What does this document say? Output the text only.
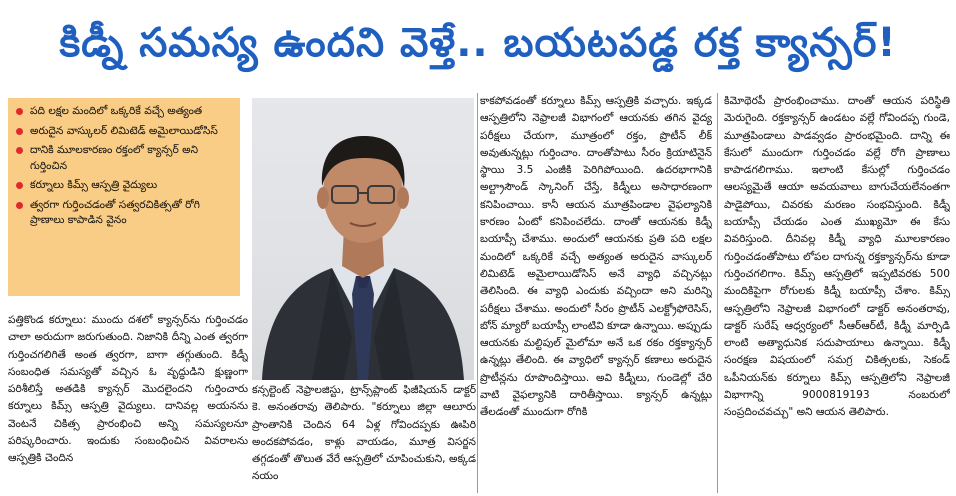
కిడ్నీ సమస్య ఉందని వెళ్తే.. బయటపడ్డ రక్త క్యాన్సర్!
పది లక్షల మందిలో ఒక్కరికే వచ్చే అత్యంత
అరుదైన వాస్కులర్ లిమిటెడ్ అమైలాయిడోసిస్
దానికి మూలకారణం రక్తంలో క్యాన్సర్ అని గుర్తించిన
కర్నూలు కిమ్స్ ఆస్పత్రి వైద్యులు
త్వరగా గుర్తించడంతో సత్వరచికిత్సతో రోగి ప్రాణాలు కాపాడిన వైనం

పత్తికొండ కర్నూలు: ముందు దశలో క్యాన్సర్‌ను గుర్తించడం చాలా అరుదుగా జరుగుతుంది. నిజానికి దీన్ని ఎంత త్వరగా గుర్తించగలిగితే అంత త్వరగా, బాగా తగ్గుతుంది. కిడ్నీ సంబంధిత సమస్యతో వచ్చిన ఓ వృద్ధుడిని క్షుణ్ణంగా పరిశీలిస్తే అతడికి క్యాన్సర్ మొదలైందని గుర్తించారు కర్నూలు కిమ్స్ ఆస్పత్రి వైద్యులు. దానివల్ల అయనను వెంటనే చికిత్స ప్రారంభించి అన్ని సమస్యలనూ పరిష్కరించారు. ఇందుకు సంబంధించిన వివరాలను ఆస్పత్రికి చెందిన

కన్సల్టెంట్ నెఫ్రాలజిస్టు, ట్రాన్స్‌ప్లాంట్ ఫిజీషియన్ డాక్టర్ కె. అనంతరావు తెలిపారు. "కర్నూలు జిల్లా ఆలూరు ప్రాంతానికి చెందిన 64 ఏళ్ల గోవిందప్పకు ఊపిరి అందకపోవడం, కాళ్లు వాయడం, మూత్ర విసర్జన తగ్గడంతో తొలుత వేరే ఆస్పత్రిలో చూపించుకుని, అక్కడ నయం

కాకపోవడంతో కర్నూలు కిమ్స్ ఆస్పత్రికి వచ్చారు. ఇక్కడ ఆస్పత్రిలోని నెఫ్రాలజీ విభాగంలో ఆయనకు తగిన వైద్య పరీక్షలు చేయగా, మూత్రంలో రక్తం, ప్రొటీన్ లీక్ అవుతున్నట్లు గుర్తించాం. దాంతోపాటు సీరం క్రియాటినైన్ స్థాయి 3.5 ఎంజీకి పెరిగిపోయింది. ఉదరభాగానికి అల్ట్రాసౌండ్ స్కానింగ్ చేస్తే, కిడ్నీలు అసాధారణంగా కనిపించాయి. కానీ ఆయన మూత్రపిండాల వైఫల్యానికి కారణం ఏంటో కనిపించలేదు. దాంతో ఆయనకు కిడ్నీ బయాప్సీ చేశాము. అందులో ఆయనకు ప్రతి పది లక్షల మందిలో ఒక్కరికే వచ్చే అత్యంత అరుదైన వాస్కులర్ లిమిటెడ్ అమైలాయిడోసిస్ అనే వ్యాధి వచ్చినట్లు తెలిసింది. ఈ వ్యాధి ఎందుకు వచ్చిందా అని మరిన్ని పరీక్షలు చేశాము. అందులో సీరం ప్రొటీన్ ఎలక్ట్రోఫోరెసిస్, బోన్ మ్యారో బయాప్సీ లాంటివి కూడా ఉన్నాయి. అప్పుడు ఆయనకు మల్టిపుల్ మైలోమా అనే ఒక రకం రక్తక్యాన్సర్ ఉన్నట్లు తేలింది. ఈ వ్యాధిలో క్యాన్సర్ కణాలు అరుదైన ప్రొటీన్లను రూపొందిస్తాయి. అవి కిడ్నీలు, గుండెల్లో చేరి వాటి వైఫల్యానికి దారితీస్తాయి. క్యాన్సర్ ఉన్నట్లు తేలడంతో ముందుగా రోగికి

కిమోథెరపీ ప్రారంభించాము. దాంతో ఆయన పరిస్థితి మెరుగైంది. రక్తక్యాన్సర్ ఉండటం వల్లే గోవిందప్ప గుండె, మూత్రపిండాలు పాడవ్వడం ప్రారంభమైంది. దాన్ని ఈ కేసులో ముందుగా గుర్తించడం వల్లే రోగి ప్రాణాలు కాపాడగలిగాము. ఇలాంటి కేసుల్లో గుర్తించడం ఆలస్యమైతే ఆయా అవయవాలు బాగుచేయలేనంతగా పాడైపోయి, చివరకు మరణం సంభవిస్తుంది. కిడ్నీ బయాప్సీ చేయడం ఎంత ముఖ్యమో ఈ కేసు వివరిస్తుంది. దీనివల్ల కిడ్నీ వ్యాధి మూలకారణం గుర్తించడంతోపాటు లోపల దాగున్న రక్తక్యాన్సర్‌ను కూడా గుర్తించగలిగాం. కిమ్స్ ఆస్పత్రిలో ఇప్పటివరకు 500 మందికిపైగా రోగులకు కిడ్నీ బయాప్సీ చేశాం. కిమ్స్ ఆస్పత్రిలోని నెఫ్రాలజీ విభాగంలో డాక్టర్ అనంతరావు, డాక్టర్ సురేష్ ఆధ్వర్యంలో సీఆర్ఆర్‌టీ, కిడ్నీ మార్పిడి లాంటి అత్యాధునిక సదుపాయాలు ఉన్నాయి. కిడ్నీ సంరక్షణ విషయంలో సమగ్ర చికిత్సలకు, సెకండ్ ఒపీనియన్‌కు కర్నూలు కిమ్స్ ఆస్పత్రిలోని నెఫ్రాలజీ విభాగాన్ని 9000819193 నంబరులో సంప్రదించవచ్చు" అని ఆయన తెలిపారు.
